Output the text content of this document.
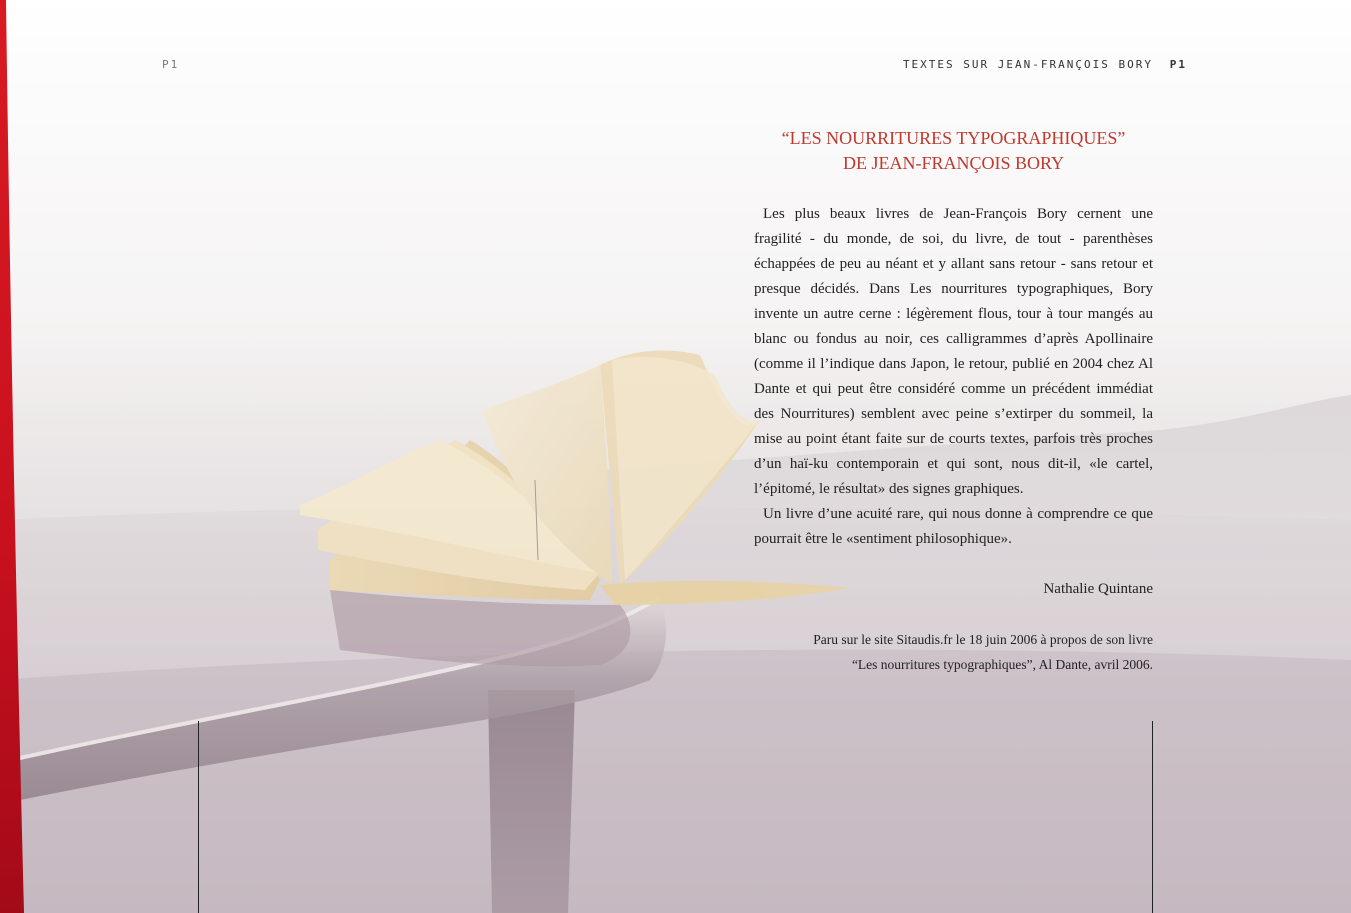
P1	TEXTES SUR JEAN-FRANÇOIS BORY P1
“LES NOURRITURES TYPOGRAPHIQUES”
DE JEAN-FRANÇOIS BORY

Les plus beaux livres de Jean-François Bory cernent une fragilité - du monde, de soi, du livre, de tout - parenthèses échappées de peu au néant et y allant sans retour - sans retour et presque décidés. Dans Les nourritures typographiques, Bory invente un autre cerne : légèrement flous, tour à tour mangés au blanc ou fondus au noir, ces calligrammes d’après Apollinaire (comme il l’indique dans Japon, le retour, publié en 2004 chez Al Dante et qui peut être considéré comme un précédent immédiat des Nourritures) semblent avec peine s’extirper du sommeil, la mise au point étant faite sur de courts textes, parfois très proches d’un haï-ku contemporain et qui sont, nous dit-il, «le cartel, l’épitomé, le résultat» des signes graphiques.

Un livre d’une acuité rare, qui nous donne à comprendre ce que pourrait être le «sentiment philosophique».

Nathalie Quintane
Paru sur le site Sitaudis.fr le 18 juin 2006 à propos de son livre
“Les nourritures typographiques”, Al Dante, avril 2006.
